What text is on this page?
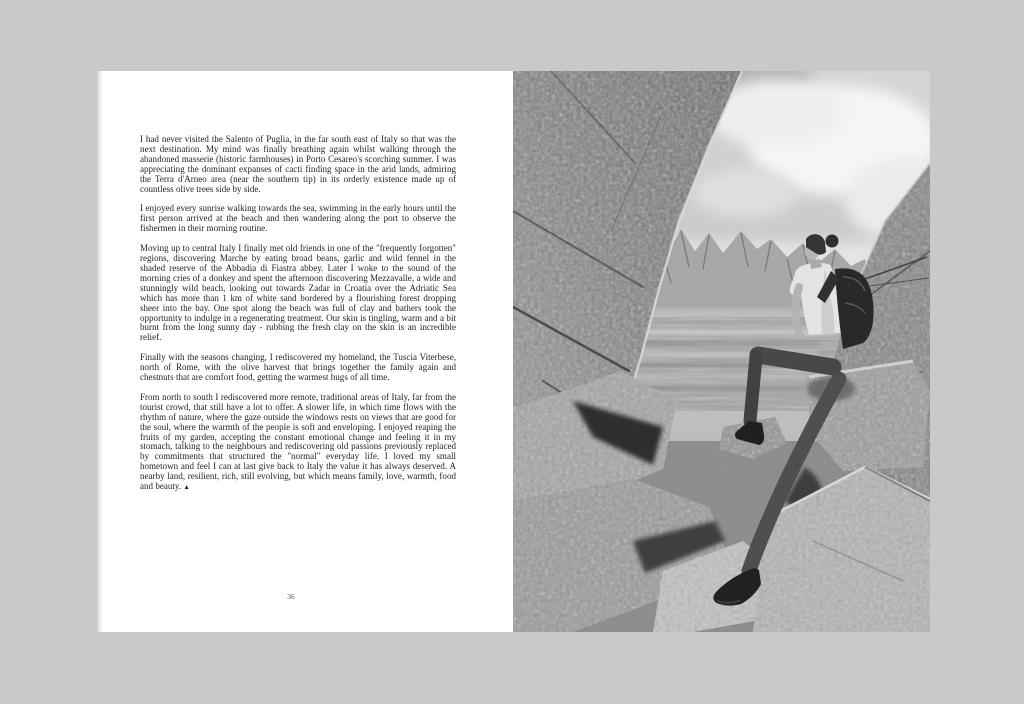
I had never visited the Salento of Puglia, in the far south east of Italy so that was the next destination. My mind was finally breathing again whilst walking through the abandoned masserie (historic farmhouses) in Porto Cesareo's scorching summer. I was appreciating the dominant expanses of cacti finding space in the arid lands, admiring the Terra d'Arneo area (near the southern tip) in its orderly existence made up of countless olive trees side by side.

I enjoyed every sunrise walking towards the sea, swimming in the early hours until the first person arrived at the beach and then wandering along the port to observe the fishermen in their morning routine.

Moving up to central Italy I finally met old friends in one of the "frequently forgotten" regions, discovering Marche by eating broad beans, garlic and wild fennel in the shaded reserve of the Abbadia di Fiastra abbey. Later I woke to the sound of the morning cries of a donkey and spent the afternoon discovering Mezzavalle, a wide and stunningly wild beach, looking out towards Zadar in Croatia over the Adriatic Sea which has more than 1 km of white sand bordered by a flourishing forest dropping sheer into the bay. One spot along the beach was full of clay and bathers took the opportunity to indulge in a regenerating treatment. Our skin is tingling, warm and a bit burnt from the long sunny day - rubbing the fresh clay on the skin is an incredible relief.

Finally with the seasons changing, I rediscovered my homeland, the Tuscia Viterbese, north of Rome, with the olive harvest that brings together the family again and chestnuts that are comfort food, getting the warmest hugs of all time.

From north to south I rediscovered more remote, traditional areas of Italy, far from the tourist crowd, that still have a lot to offer. A slower life, in which time flows with the rhythm of nature, where the gaze outside the windows rests on views that are good for the soul, where the warmth of the people is soft and enveloping. I enjoyed reaping the fruits of my garden, accepting the constant emotional change and feeling it in my stomach, talking to the neighbours and rediscovering old passions previously replaced by commitments that structured the "normal" everyday life. I loved my small hometown and feel I can at last give back to Italy the value it has always deserved. A nearby land, resilient, rich, still evolving, but which means family, love, warmth, food and beauty. ▲

36
